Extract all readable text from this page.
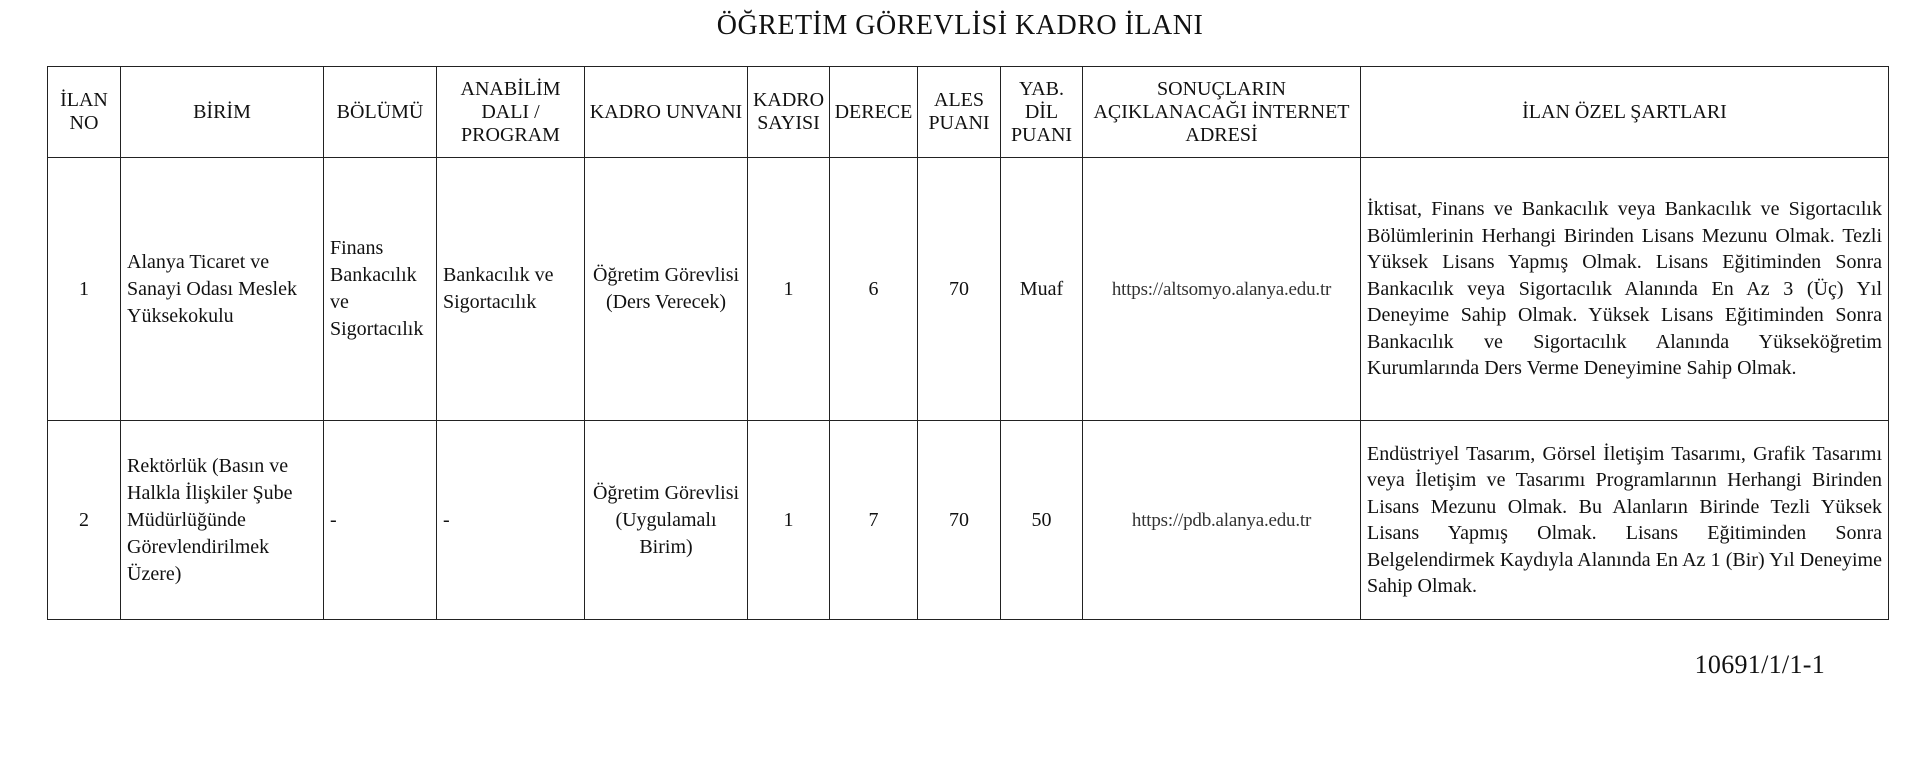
ÖĞRETİM GÖREVLİSİ KADRO İLANI
İLAN NO	BİRİM	BÖLÜMÜ	ANABİLİM DALI / PROGRAM	KADRO UNVANI	KADRO SAYISI	DERECE	ALES PUANI	YAB. DİL PUANI	SONUÇLARIN AÇIKLANACAĞI İNTERNET ADRESİ	İLAN ÖZEL ŞARTLARI
1	Alanya Ticaret ve Sanayi Odası Meslek Yüksekokulu	Finans Bankacılık ve Sigortacılık	Bankacılık ve Sigortacılık	Öğretim Görevlisi (Ders Verecek)	1	6	70	Muaf	https://altsomyo.alanya.edu.tr	İktisat, Finans ve Bankacılık veya Bankacılık ve Sigortacılık Bölümlerinin Herhangi Birinden Lisans Mezunu Olmak. Tezli Yüksek Lisans Yapmış Olmak. Lisans Eğitiminden Sonra Bankacılık veya Sigortacılık Alanında En Az 3 (Üç) Yıl Deneyime Sahip Olmak. Yüksek Lisans Eğitiminden Sonra Bankacılık ve Sigortacılık Alanında Yükseköğretim Kurumlarında Ders Verme Deneyimine Sahip Olmak.
2	Rektörlük (Basın ve Halkla İlişkiler Şube Müdürlüğünde Görevlendirilmek Üzere)	-	-	Öğretim Görevlisi (Uygulamalı Birim)	1	7	70	50	https://pdb.alanya.edu.tr	Endüstriyel Tasarım, Görsel İletişim Tasarımı, Grafik Tasarımı veya İletişim ve Tasarımı Programlarının Herhangi Birinden Lisans Mezunu Olmak. Bu Alanların Birinde Tezli Yüksek Lisans Yapmış Olmak. Lisans Eğitiminden Sonra Belgelendirmek Kaydıyla Alanında En Az 1 (Bir) Yıl Deneyime Sahip Olmak.
10691/1/1-1
